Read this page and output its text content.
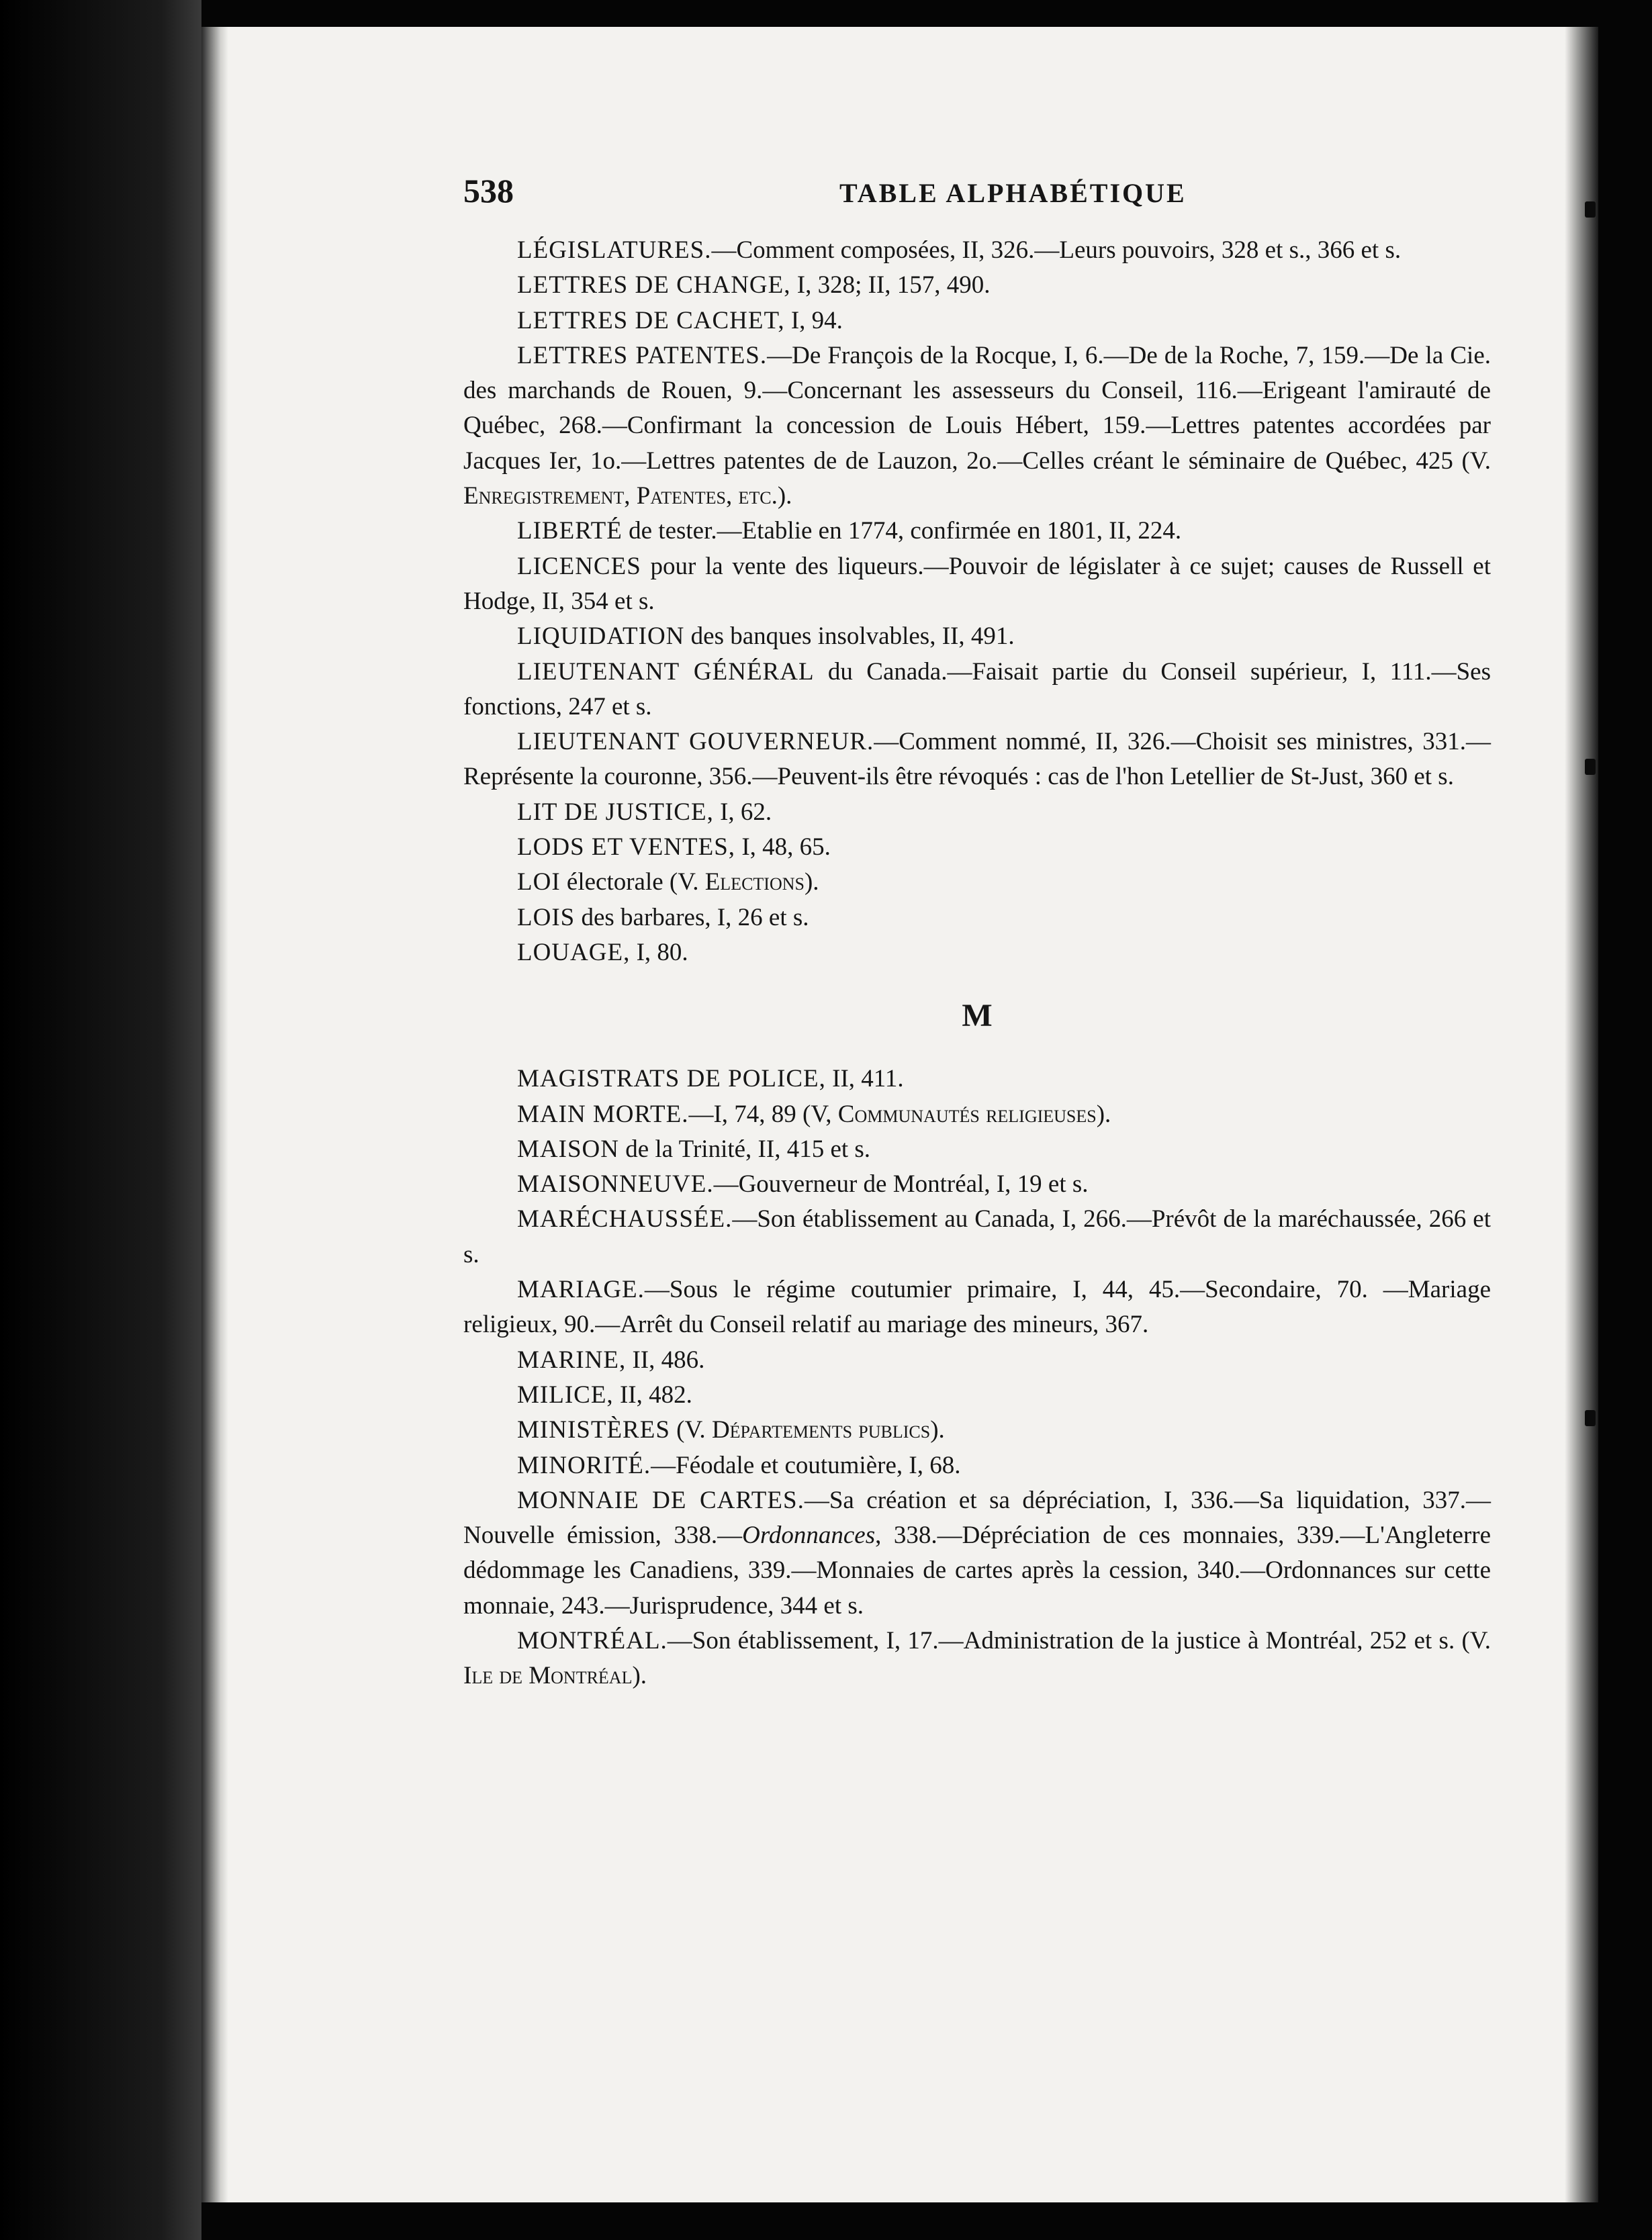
538	TABLE ALPHABÉTIQUE

LÉGISLATURES.—Comment composées, II, 326.—Leurs pouvoirs, 328 et s., 366 et s.

LETTRES DE CHANGE, I, 328; II, 157, 490.

LETTRES DE CACHET, I, 94.

LETTRES PATENTES.—De François de la Rocque, I, 6.—De de la Roche, 7, 159.—De la Cie. des marchands de Rouen, 9.—Concernant les assesseurs du Conseil, 116.—Erigeant l'amirauté de Québec, 268.—Confirmant la concession de Louis Hébert, 159.—Lettres patentes accordées par Jacques Ier, 1o.—Lettres patentes de de Lauzon, 2o.—Celles créant le séminaire de Québec, 425 (V. Enregistrement, Patentes, etc.).

LIBERTÉ de tester.—Etablie en 1774, confirmée en 1801, II, 224.

LICENCES pour la vente des liqueurs.—Pouvoir de législater à ce sujet; causes de Russell et Hodge, II, 354 et s.

LIQUIDATION des banques insolvables, II, 491.

LIEUTENANT GÉNÉRAL du Canada.—Faisait partie du Conseil supérieur, I, 111.—Ses fonctions, 247 et s.

LIEUTENANT GOUVERNEUR.—Comment nommé, II, 326.—Choisit ses ministres, 331.—Représente la couronne, 356.—Peuvent-ils être révoqués : cas de l'hon Letellier de St-Just, 360 et s.

LIT DE JUSTICE, I, 62.

LODS ET VENTES, I, 48, 65.

LOI électorale (V. Elections).

LOIS des barbares, I, 26 et s.

LOUAGE, I, 80.

M

MAGISTRATS DE POLICE, II, 411.

MAIN MORTE.—I, 74, 89 (V, Communautés religieuses).

MAISON de la Trinité, II, 415 et s.

MAISONNEUVE.—Gouverneur de Montréal, I, 19 et s.

MARÉCHAUSSÉE.—Son établissement au Canada, I, 266.—Prévôt de la maréchaussée, 266 et s.

MARIAGE.—Sous le régime coutumier primaire, I, 44, 45.—Secondaire, 70. —Mariage religieux, 90.—Arrêt du Conseil relatif au mariage des mineurs, 367.

MARINE, II, 486.

MILICE, II, 482.

MINISTÈRES (V. Départements publics).

MINORITÉ.—Féodale et coutumière, I, 68.

MONNAIE DE CARTES.—Sa création et sa dépréciation, I, 336.—Sa liquidation, 337.—Nouvelle émission, 338.—Ordonnances, 338.—Dépréciation de ces monnaies, 339.—L'Angleterre dédommage les Canadiens, 339.—Monnaies de cartes après la cession, 340.—Ordonnances sur cette monnaie, 243.—Jurisprudence, 344 et s.

MONTRÉAL.—Son établissement, I, 17.—Administration de la justice à Montréal, 252 et s. (V. Ile de Montréal).
